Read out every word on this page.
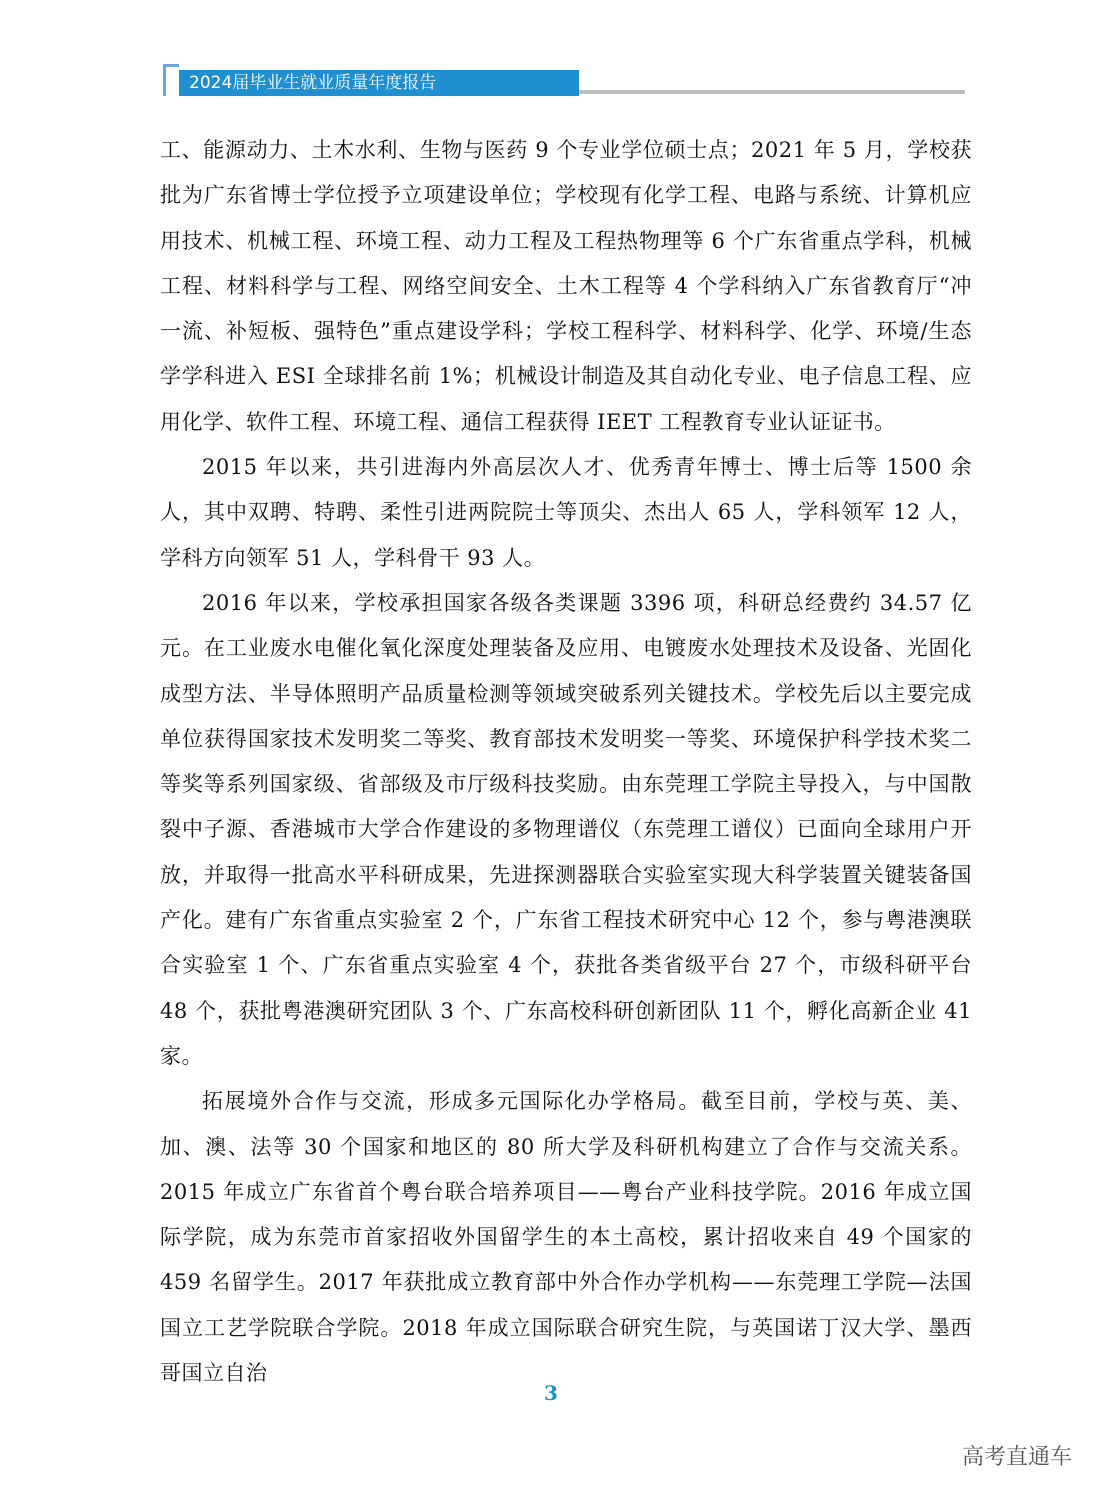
2024届毕业生就业质量年度报告

工、能源动力、土木水利、生物与医药 9 个专业学位硕士点；2021 年 5 月，学校获批为广东省博士学位授予立项建设单位；学校现有化学工程、电路与系统、计算机应用技术、机械工程、环境工程、动力工程及工程热物理等 6 个广东省重点学科，机械工程、材料科学与工程、网络空间安全、土木工程等 4 个学科纳入广东省教育厅“冲一流、补短板、强特色”重点建设学科；学校工程科学、材料科学、化学、环境/生态学学科进入 ESI 全球排名前 1%；机械设计制造及其自动化专业、电子信息工程、应用化学、软件工程、环境工程、通信工程获得 IEET 工程教育专业认证证书。

2015 年以来，共引进海内外高层次人才、优秀青年博士、博士后等 1500 余人，其中双聘、特聘、柔性引进两院院士等顶尖、杰出人 65 人，学科领军 12 人，学科方向领军 51 人，学科骨干 93 人。

2016 年以来，学校承担国家各级各类课题 3396 项，科研总经费约 34.57 亿元。在工业废水电催化氧化深度处理装备及应用、电镀废水处理技术及设备、光固化成型方法、半导体照明产品质量检测等领域突破系列关键技术。学校先后以主要完成单位获得国家技术发明奖二等奖、教育部技术发明奖一等奖、环境保护科学技术奖二等奖等系列国家级、省部级及市厅级科技奖励。由东莞理工学院主导投入，与中国散裂中子源、香港城市大学合作建设的多物理谱仪（东莞理工谱仪）已面向全球用户开放，并取得一批高水平科研成果，先进探测器联合实验室实现大科学装置关键装备国产化。建有广东省重点实验室 2 个，广东省工程技术研究中心 12 个，参与粤港澳联合实验室 1 个、广东省重点实验室 4 个，获批各类省级平台 27 个，市级科研平台 48 个，获批粤港澳研究团队 3 个、广东高校科研创新团队 11 个，孵化高新企业 41 家。

拓展境外合作与交流，形成多元国际化办学格局。截至目前，学校与英、美、加、澳、法等 30 个国家和地区的 80 所大学及科研机构建立了合作与交流关系。2015 年成立广东省首个粤台联合培养项目——粤台产业科技学院。2016 年成立国际学院，成为东莞市首家招收外国留学生的本土高校，累计招收来自 49 个国家的 459 名留学生。2017 年获批成立教育部中外合作办学机构——东莞理工学院—法国国立工艺学院联合学院。2018 年成立国际联合研究生院，与英国诺丁汉大学、墨西哥国立自治

3
高考直通车
